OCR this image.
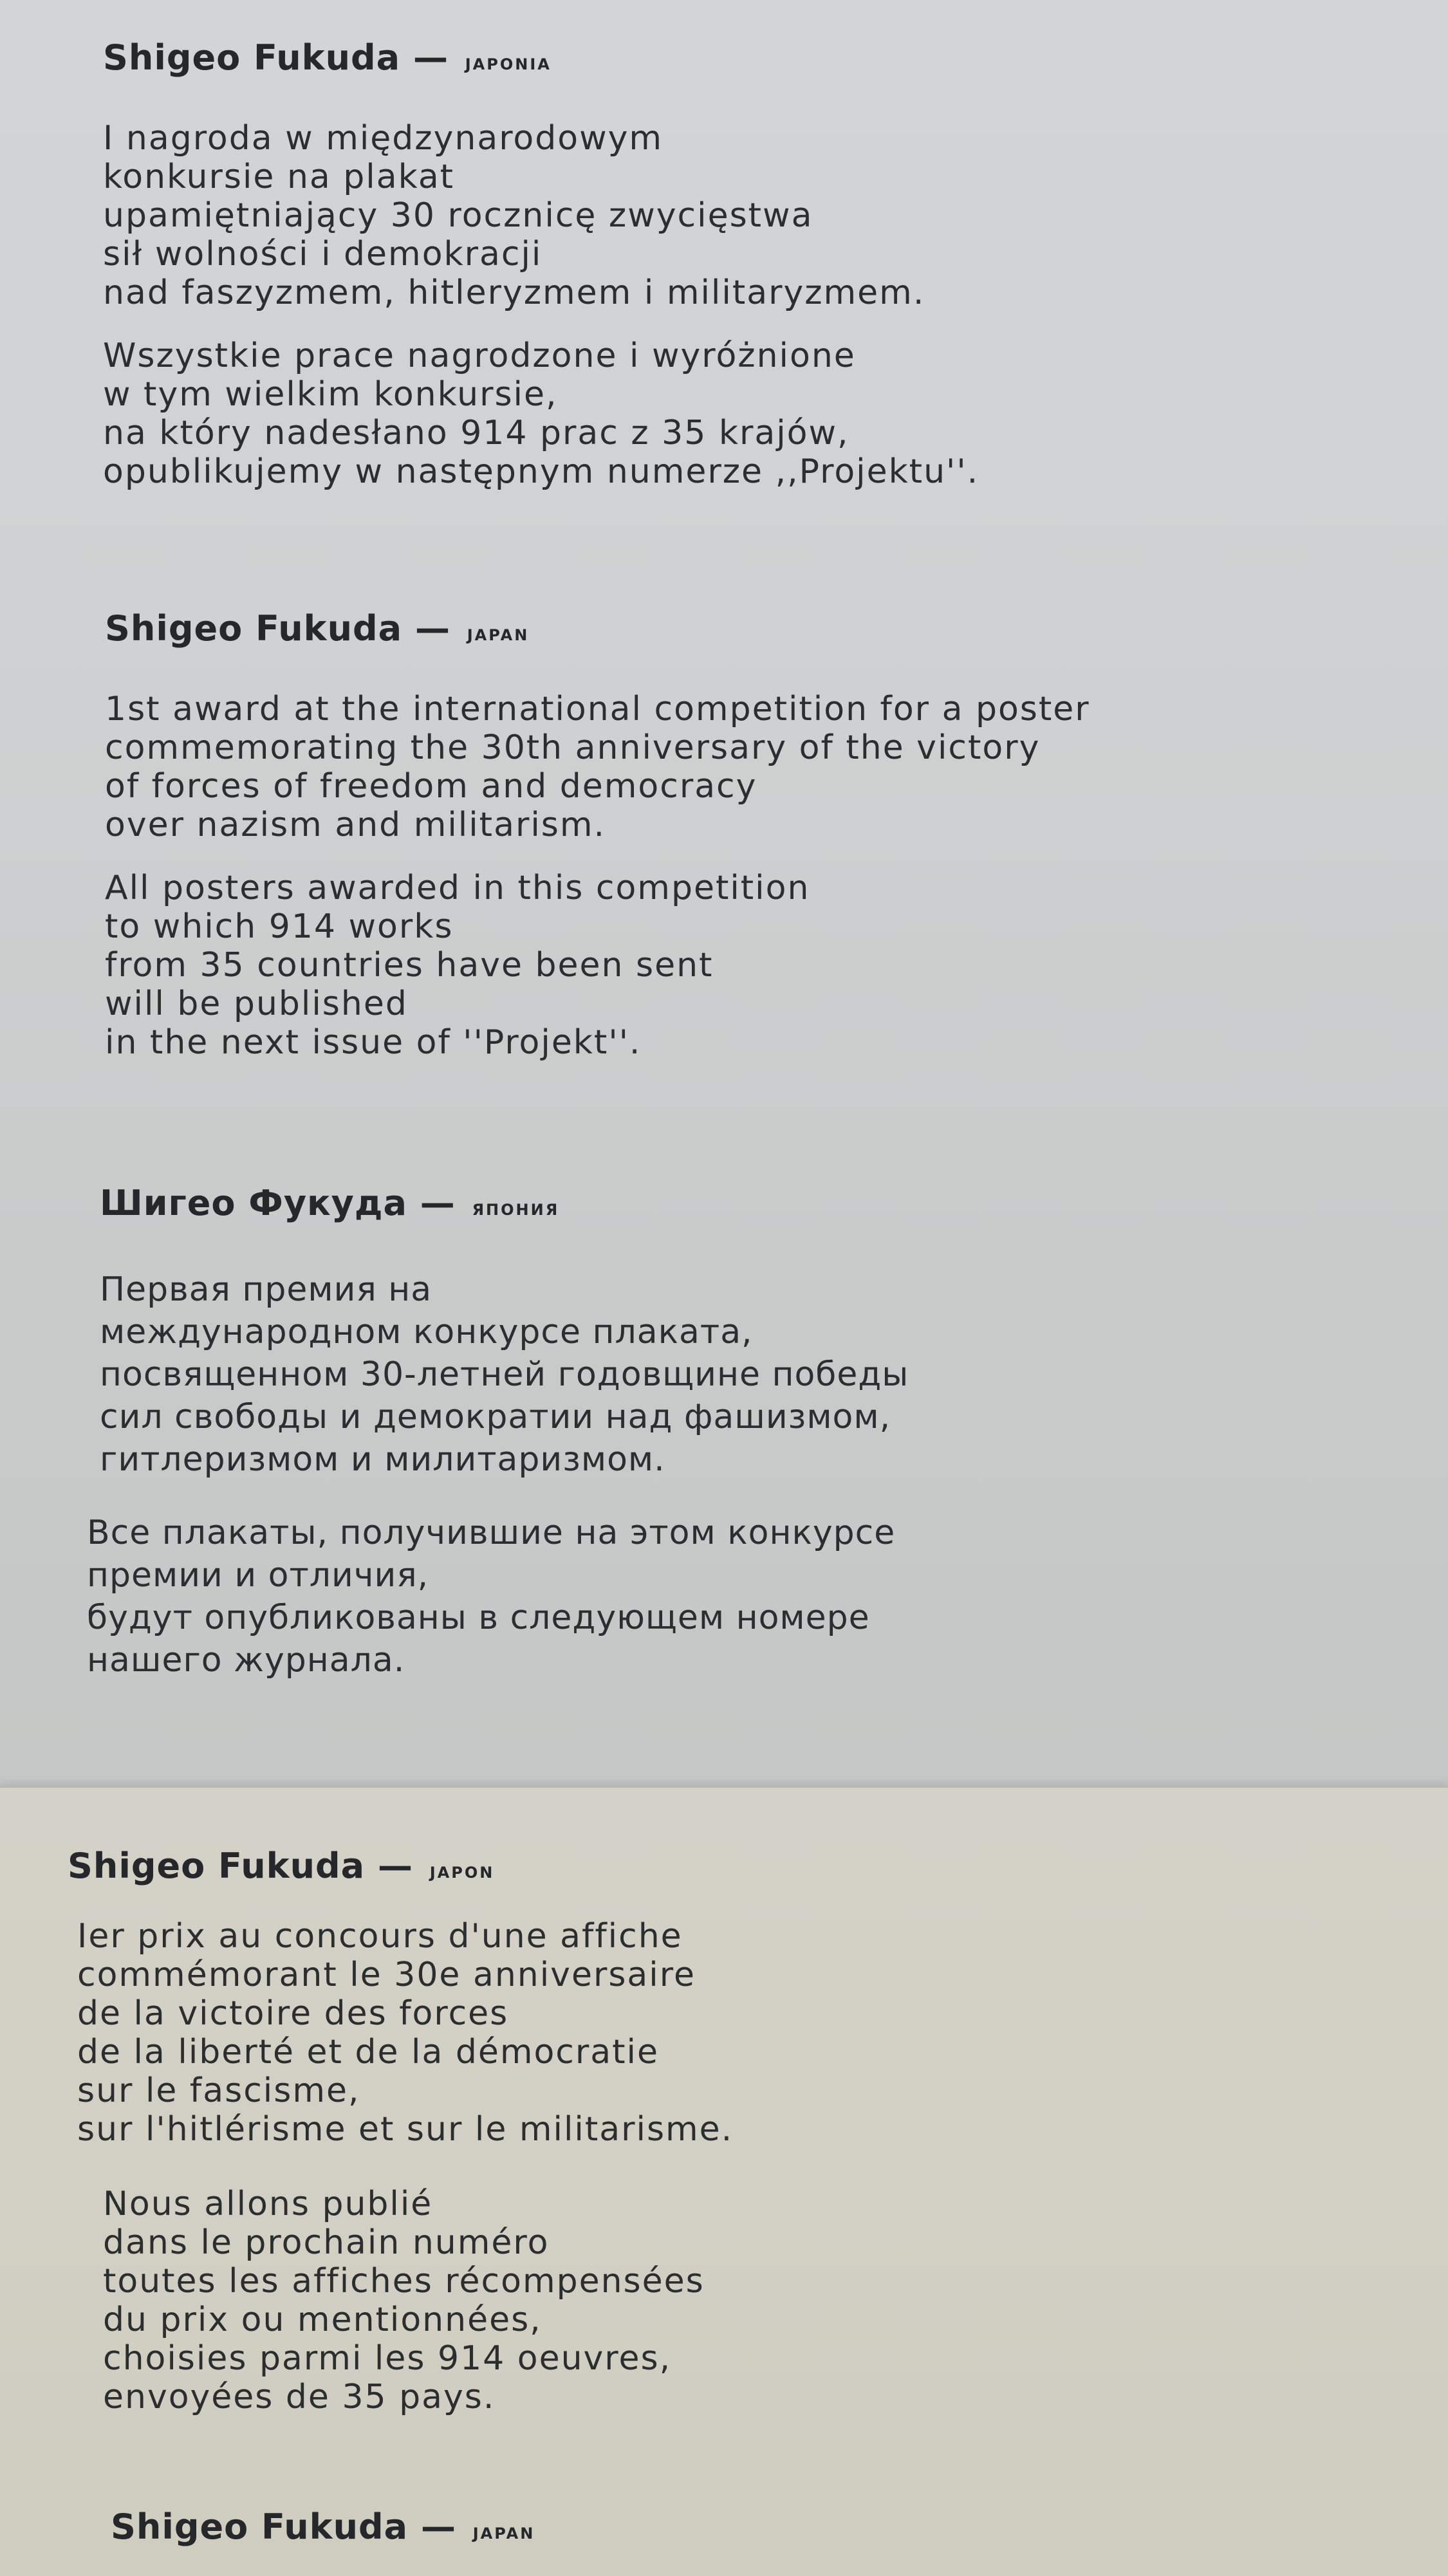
Shigeo Fukuda — JAPONIA
I nagroda w międzynarodowym
konkursie na plakat
upamiętniający 30 rocznicę zwycięstwa
sił wolności i demokracji
nad faszyzmem, hitleryzmem i militaryzmem.
Wszystkie prace nagrodzone i wyróżnione
w tym wielkim konkursie,
na który nadesłano 914 prac z 35 krajów,
opublikujemy w następnym numerze ,,Projektu''.
Shigeo Fukuda — JAPAN
1st award at the international competition for a poster
commemorating the 30th anniversary of the victory
of forces of freedom and democracy
over nazism and militarism.
All posters awarded in this competition
to which 914 works
from 35 countries have been sent
will be published
in the next issue of ''Projekt''.
Шигео Фукуда — ЯПОНИЯ
Первая премия на
международном конкурсе плаката,
посвященном 30-летней годовщине победы
сил свободы и демократии над фашизмом,
гитлеризмом и милитаризмом.
Все плакаты, получившие на этом конкурсе
премии и отличия,
будут опубликованы в следующем номере
нашего журнала.
Shigeo Fukuda — JAPON
Ier prix au concours d'une affiche
commémorant le 30e anniversaire
de la victoire des forces
de la liberté et de la démocratie
sur le fascisme,
sur l'hitlérisme et sur le militarisme.
Nous allons publié
dans le prochain numéro
toutes les affiches récompensées
du prix ou mentionnées,
choisies parmi les 914 oeuvres,
envoyées de 35 pays.
Shigeo Fukuda — JAPAN
